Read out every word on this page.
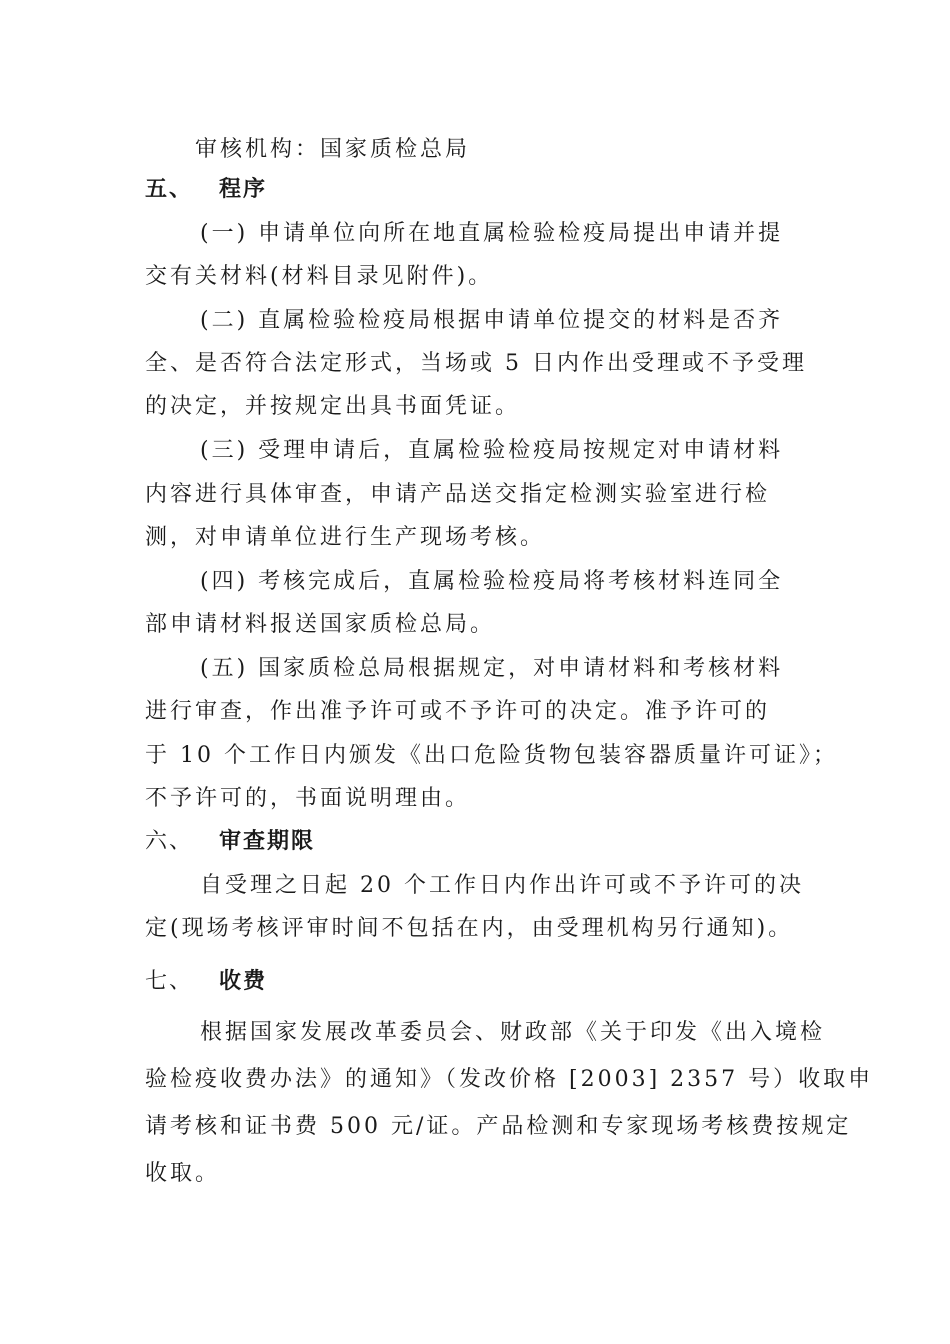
审核机构：国家质检总局
五、 程序
(一) 申请单位向所在地直属检验检疫局提出申请并提
交有关材料(材料目录见附件)。
(二) 直属检验检疫局根据申请单位提交的材料是否齐
全、是否符合法定形式，当场或 5 日内作出受理或不予受理
的决定，并按规定出具书面凭证。
(三) 受理申请后，直属检验检疫局按规定对申请材料
内容进行具体审查，申请产品送交指定检测实验室进行检
测，对申请单位进行生产现场考核。
(四) 考核完成后，直属检验检疫局将考核材料连同全
部申请材料报送国家质检总局。
(五) 国家质检总局根据规定，对申请材料和考核材料
进行审查，作出准予许可或不予许可的决定。准予许可的
于 10 个工作日内颁发《出口危险货物包装容器质量许可证》；
不予许可的，书面说明理由。
六、 审查期限
自受理之日起 20 个工作日内作出许可或不予许可的决
定(现场考核评审时间不包括在内，由受理机构另行通知)。
七、 收费
根据国家发展改革委员会、财政部《关于印发《出入境检
验检疫收费办法》的通知》（发改价格 [2003] 2357 号）收取申
请考核和证书费 500 元/证。产品检测和专家现场考核费按规定
收取。
